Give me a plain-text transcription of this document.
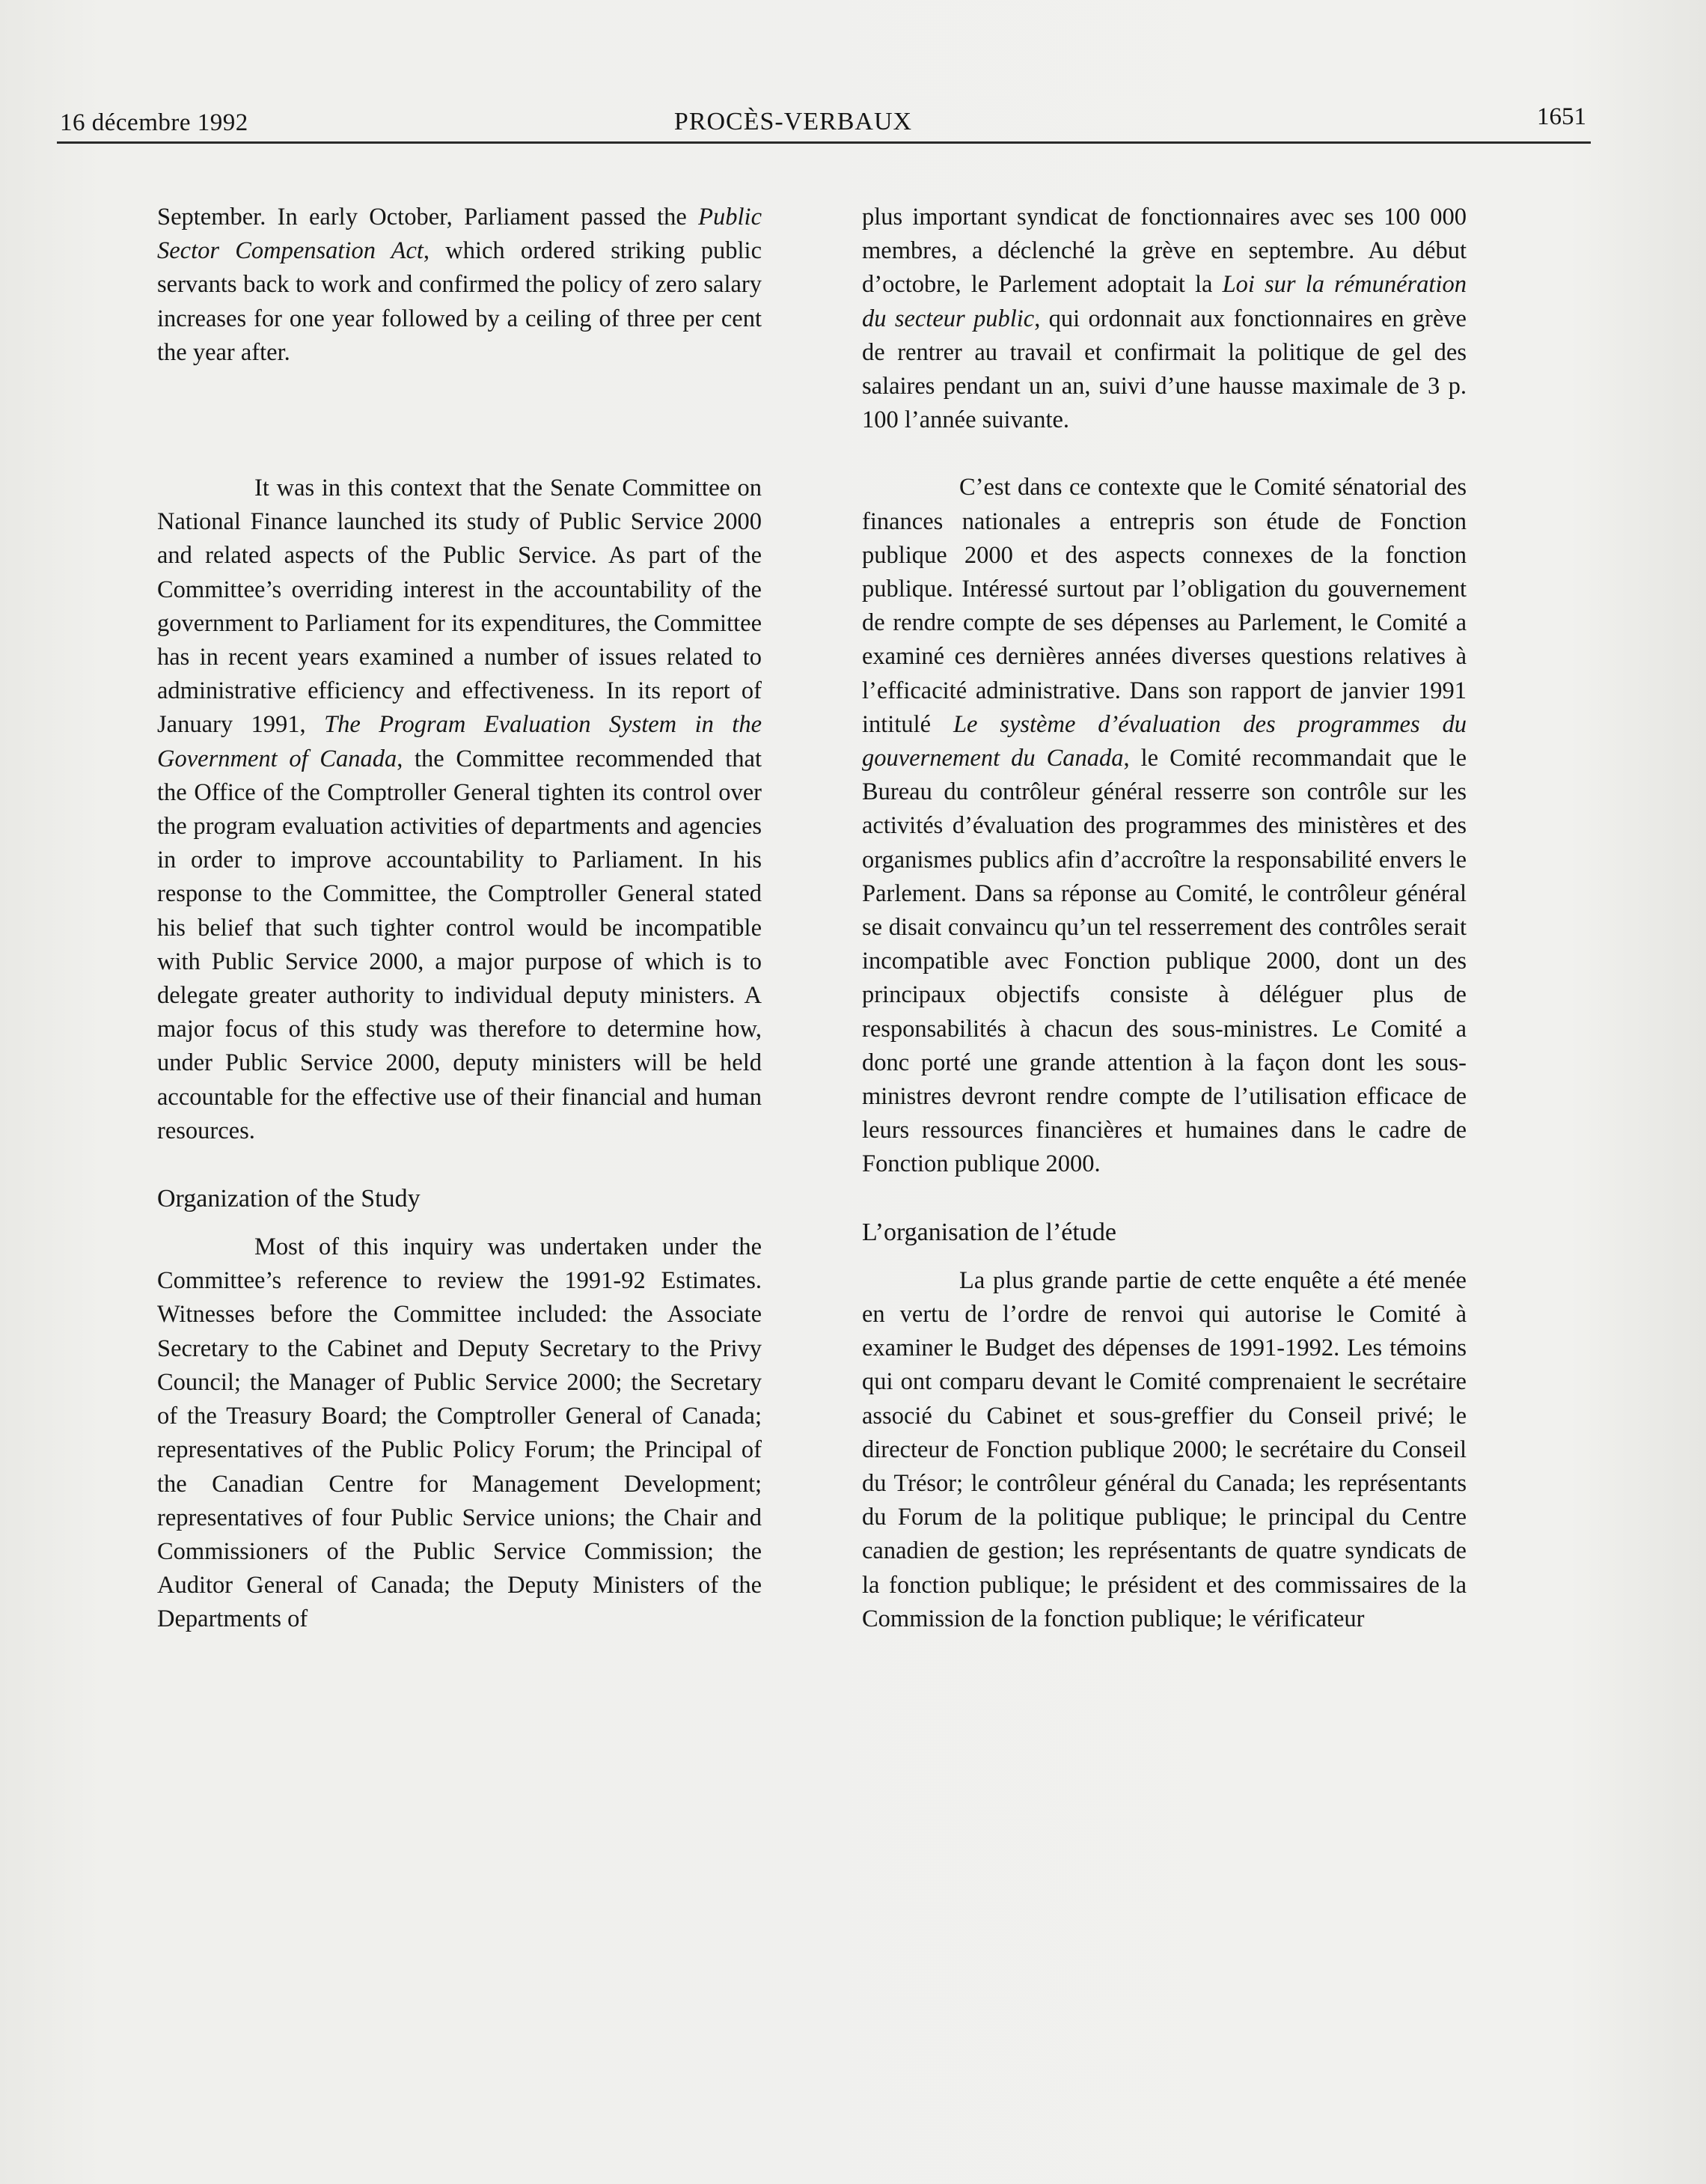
16 décembre 1992	PROCÈS-VERBAUX	1651

September. In early October, Parliament passed the Public Sector Compensation Act, which ordered striking public servants back to work and confirmed the policy of zero salary increases for one year followed by a ceiling of three per cent the year after.

It was in this context that the Senate Committee on National Finance launched its study of Public Service 2000 and related aspects of the Public Service. As part of the Committee’s overriding interest in the accountability of the government to Parliament for its expenditures, the Committee has in recent years examined a number of issues related to administrative efficiency and effectiveness. In its report of January 1991, The Program Evaluation System in the Government of Canada, the Committee recommended that the Office of the Comptroller General tighten its control over the program evaluation activities of departments and agencies in order to improve accountability to Parliament. In his response to the Committee, the Comptroller General stated his belief that such tighter control would be incompatible with Public Service 2000, a major purpose of which is to delegate greater authority to individual deputy ministers. A major focus of this study was therefore to determine how, under Public Service 2000, deputy ministers will be held accountable for the effective use of their financial and human resources.

Organization of the Study

Most of this inquiry was undertaken under the Committee’s reference to review the 1991-92 Estimates. Witnesses before the Committee included: the Associate Secretary to the Cabinet and Deputy Secretary to the Privy Council; the Manager of Public Service 2000; the Secretary of the Treasury Board; the Comptroller General of Canada; representatives of the Public Policy Forum; the Principal of the Canadian Centre for Management Development; representatives of four Public Service unions; the Chair and Commissioners of the Public Service Commission; the Auditor General of Canada; the Deputy Ministers of the Departments of

plus important syndicat de fonctionnaires avec ses 100 000 membres, a déclenché la grève en septembre. Au début d’octobre, le Parlement adoptait la Loi sur la rémunération du secteur public, qui ordonnait aux fonctionnaires en grève de rentrer au travail et confirmait la politique de gel des salaires pendant un an, suivi d’une hausse maximale de 3 p. 100 l’année suivante.

C’est dans ce contexte que le Comité sénatorial des finances nationales a entrepris son étude de Fonction publique 2000 et des aspects connexes de la fonction publique. Intéressé surtout par l’obligation du gouvernement de rendre compte de ses dépenses au Parlement, le Comité a examiné ces dernières années diverses questions relatives à l’efficacité administrative. Dans son rapport de janvier 1991 intitulé Le système d’évaluation des programmes du gouvernement du Canada, le Comité recommandait que le Bureau du contrôleur général resserre son contrôle sur les activités d’évaluation des programmes des ministères et des organismes publics afin d’accroître la responsabilité envers le Parlement. Dans sa réponse au Comité, le contrôleur général se disait convaincu qu’un tel resserrement des contrôles serait incompatible avec Fonction publique 2000, dont un des principaux objectifs consiste à déléguer plus de responsabilités à chacun des sous-ministres. Le Comité a donc porté une grande attention à la façon dont les sous-ministres devront rendre compte de l’utilisation efficace de leurs ressources financières et humaines dans le cadre de Fonction publique 2000.

L’organisation de l’étude

La plus grande partie de cette enquête a été menée en vertu de l’ordre de renvoi qui autorise le Comité à examiner le Budget des dépenses de 1991-1992. Les témoins qui ont comparu devant le Comité comprenaient le secrétaire associé du Cabinet et sous-greffier du Conseil privé; le directeur de Fonction publique 2000; le secrétaire du Conseil du Trésor; le contrôleur général du Canada; les représentants du Forum de la politique publique; le principal du Centre canadien de gestion; les représentants de quatre syndicats de la fonction publique; le président et des commissaires de la Commission de la fonction publique; le vérificateur
